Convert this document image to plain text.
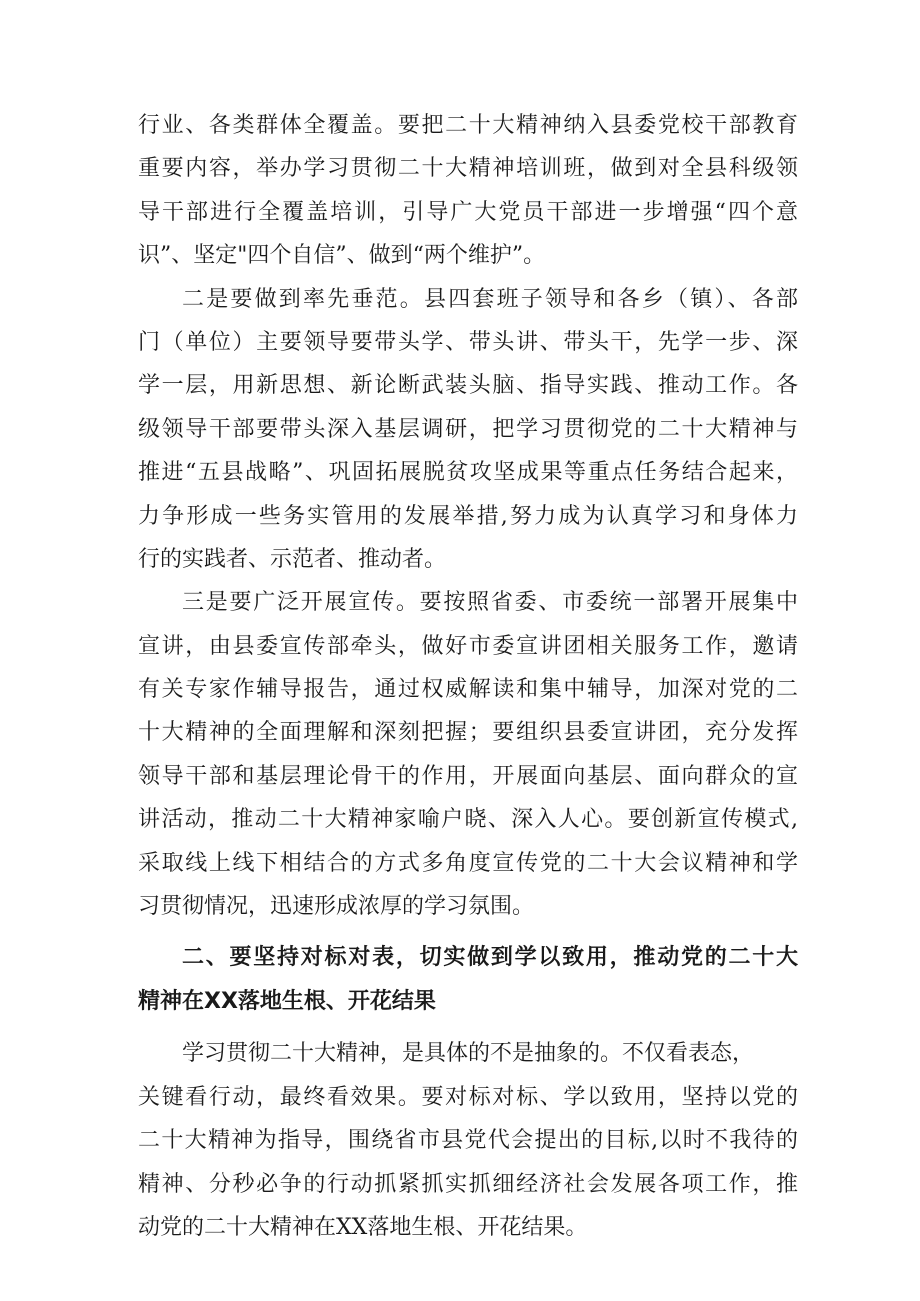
行业、各类群体全覆盖。要把二十大精神纳入县委党校干部教育
重要内容，举办学习贯彻二十大精神培训班，做到对全县科级领
导干部进行全覆盖培训，引导广大党员干部进一步增强“四个意
识”、坚定"四个自信”、做到“两个维护”。
二是要做到率先垂范。县四套班子领导和各乡（镇）、各部
门（单位）主要领导要带头学、带头讲、带头干，先学一步、深
学一层，用新思想、新论断武装头脑、指导实践、推动工作。各
级领导干部要带头深入基层调研，把学习贯彻党的二十大精神与
推进“五县战略”、巩固拓展脱贫攻坚成果等重点任务结合起来，
力争形成一些务实管用的发展举措,努力成为认真学习和身体力
行的实践者、示范者、推动者。
三是要广泛开展宣传。要按照省委、市委统一部署开展集中
宣讲，由县委宣传部牵头，做好市委宣讲团相关服务工作，邀请
有关专家作辅导报告，通过权威解读和集中辅导，加深对党的二
十大精神的全面理解和深刻把握；要组织县委宣讲团，充分发挥
领导干部和基层理论骨干的作用，开展面向基层、面向群众的宣
讲活动，推动二十大精神家喻户晓、深入人心。要创新宣传模式,
采取线上线下相结合的方式多角度宣传党的二十大会议精神和学
习贯彻情况，迅速形成浓厚的学习氛围。
二、要坚持对标对表，切实做到学以致用，推动党的二十大
精神在XX落地生根、开花结果
学习贯彻二十大精神，是具体的不是抽象的。不仅看表态，
关键看行动，最终看效果。要对标对标、学以致用，坚持以党的
二十大精神为指导，围绕省市县党代会提出的目标,以时不我待的
精神、分秒必争的行动抓紧抓实抓细经济社会发展各项工作，推
动党的二十大精神在XX落地生根、开花结果。
